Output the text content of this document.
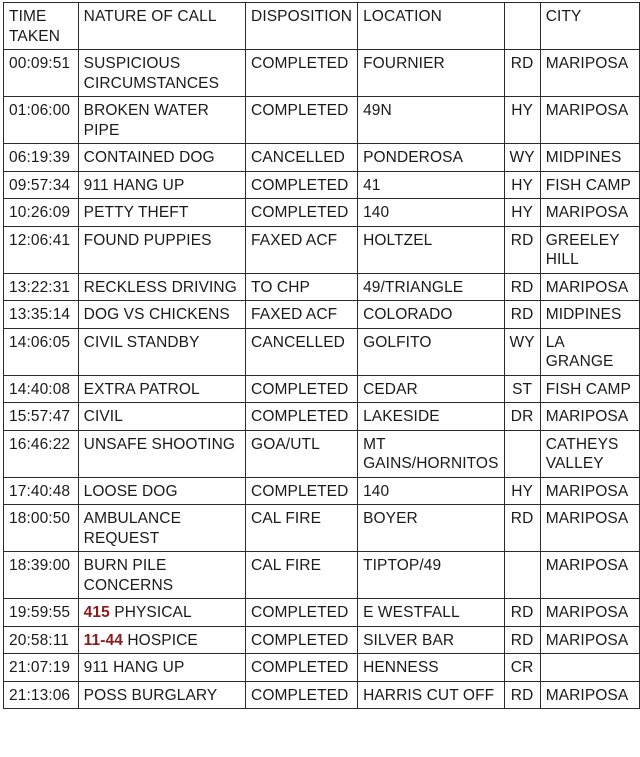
TIME TAKEN	NATURE OF CALL	DISPOSITION	LOCATION		CITY
00:09:51	SUSPICIOUS CIRCUMSTANCES	COMPLETED	FOURNIER	RD	MARIPOSA
01:06:00	BROKEN WATER PIPE	COMPLETED	49N	HY	MARIPOSA
06:19:39	CONTAINED DOG	CANCELLED	PONDEROSA	WY	MIDPINES
09:57:34	911 HANG UP	COMPLETED	41	HY	FISH CAMP
10:26:09	PETTY THEFT	COMPLETED	140	HY	MARIPOSA
12:06:41	FOUND PUPPIES	FAXED ACF	HOLTZEL	RD	GREELEY HILL
13:22:31	RECKLESS DRIVING	TO CHP	49/TRIANGLE	RD	MARIPOSA
13:35:14	DOG VS CHICKENS	FAXED ACF	COLORADO	RD	MIDPINES
14:06:05	CIVIL STANDBY	CANCELLED	GOLFITO	WY	LA GRANGE
14:40:08	EXTRA PATROL	COMPLETED	CEDAR	ST	FISH CAMP
15:57:47	CIVIL	COMPLETED	LAKESIDE	DR	MARIPOSA
16:46:22	UNSAFE SHOOTING	GOA/UTL	MT GAINS/HORNITOS		CATHEYS VALLEY
17:40:48	LOOSE DOG	COMPLETED	140	HY	MARIPOSA
18:00:50	AMBULANCE REQUEST	CAL FIRE	BOYER	RD	MARIPOSA
18:39:00	BURN PILE CONCERNS	CAL FIRE	TIPTOP/49		MARIPOSA
19:59:55	415 PHYSICAL	COMPLETED	E WESTFALL	RD	MARIPOSA
20:58:11	11-44 HOSPICE	COMPLETED	SILVER BAR	RD	MARIPOSA
21:07:19	911 HANG UP	COMPLETED	HENNESS	CR	
21:13:06	POSS BURGLARY	COMPLETED	HARRIS CUT OFF	RD	MARIPOSA
